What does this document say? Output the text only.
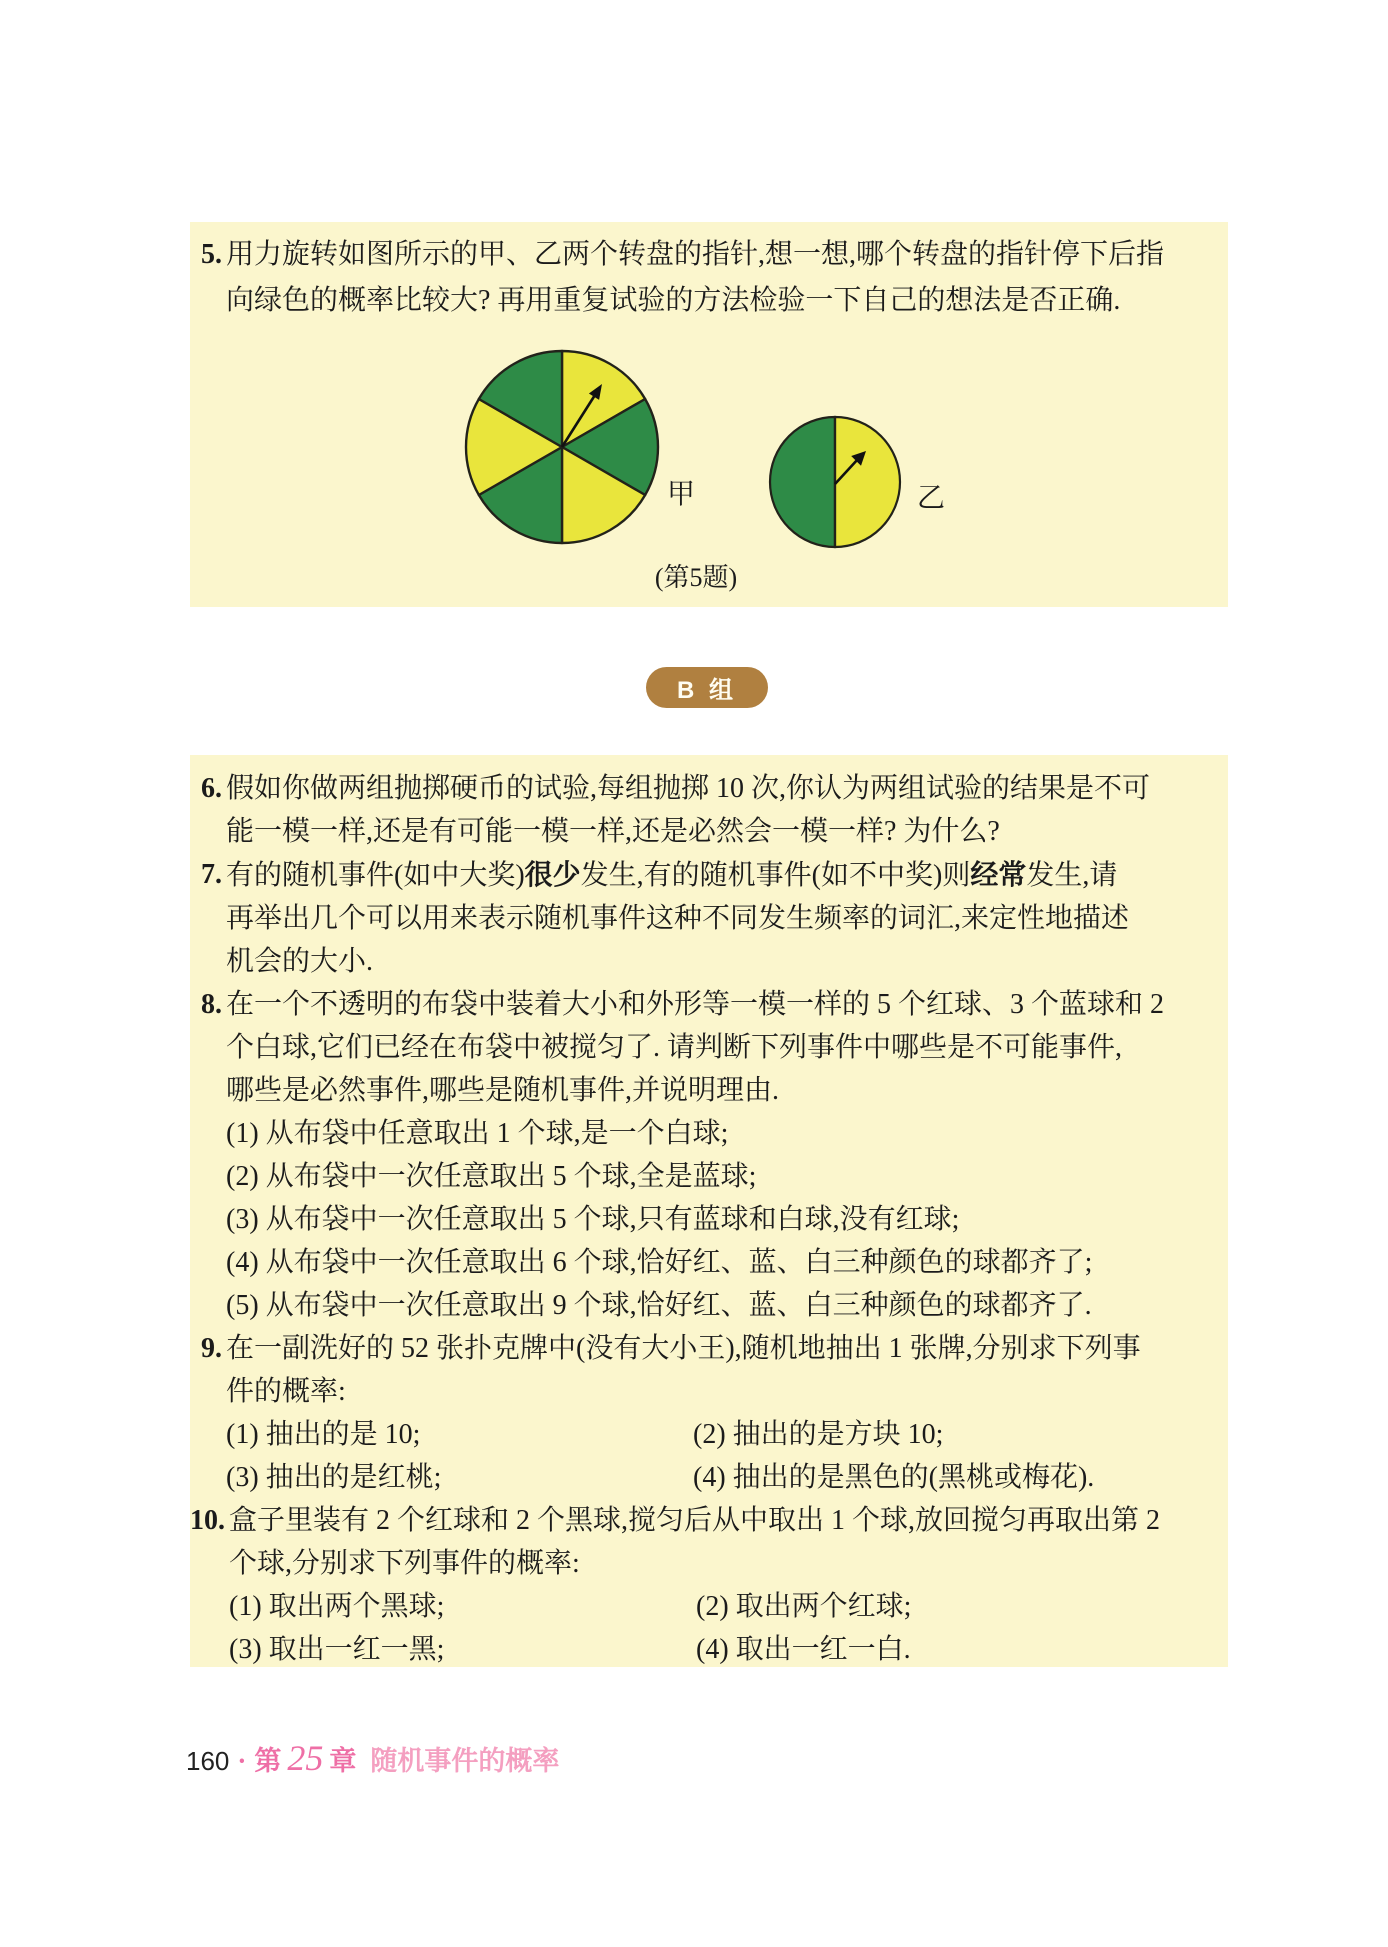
5. 用力旋转如图所示的甲、乙两个转盘的指针,想一想,哪个转盘的指针停下后指
向绿色的概率比较大? 再用重复试验的方法检验一下自己的想法是否正确.
甲	乙
(第5题)
B 组
6. 假如你做两组抛掷硬币的试验,每组抛掷 10 次,你认为两组试验的结果是不可
能一模一样,还是有可能一模一样,还是必然会一模一样? 为什么?
7. 有的随机事件(如中大奖)很少发生,有的随机事件(如不中奖)则经常发生,请
再举出几个可以用来表示随机事件这种不同发生频率的词汇,来定性地描述
机会的大小.
8. 在一个不透明的布袋中装着大小和外形等一模一样的 5 个红球、3 个蓝球和 2
个白球,它们已经在布袋中被搅匀了. 请判断下列事件中哪些是不可能事件,
哪些是必然事件,哪些是随机事件,并说明理由.
(1) 从布袋中任意取出 1 个球,是一个白球;
(2) 从布袋中一次任意取出 5 个球,全是蓝球;
(3) 从布袋中一次任意取出 5 个球,只有蓝球和白球,没有红球;
(4) 从布袋中一次任意取出 6 个球,恰好红、蓝、白三种颜色的球都齐了;
(5) 从布袋中一次任意取出 9 个球,恰好红、蓝、白三种颜色的球都齐了.
9. 在一副洗好的 52 张扑克牌中(没有大小王),随机地抽出 1 张牌,分别求下列事
件的概率:
(1) 抽出的是 10;	(2) 抽出的是方块 10;
(3) 抽出的是红桃;	(4) 抽出的是黑色的(黑桃或梅花).
10. 盒子里装有 2 个红球和 2 个黑球,搅匀后从中取出 1 个球,放回搅匀再取出第 2
个球,分别求下列事件的概率:
(1) 取出两个黑球;	(2) 取出两个红球;
(3) 取出一红一黑;	(4) 取出一红一白.
160 · 第 25 章 随机事件的概率
